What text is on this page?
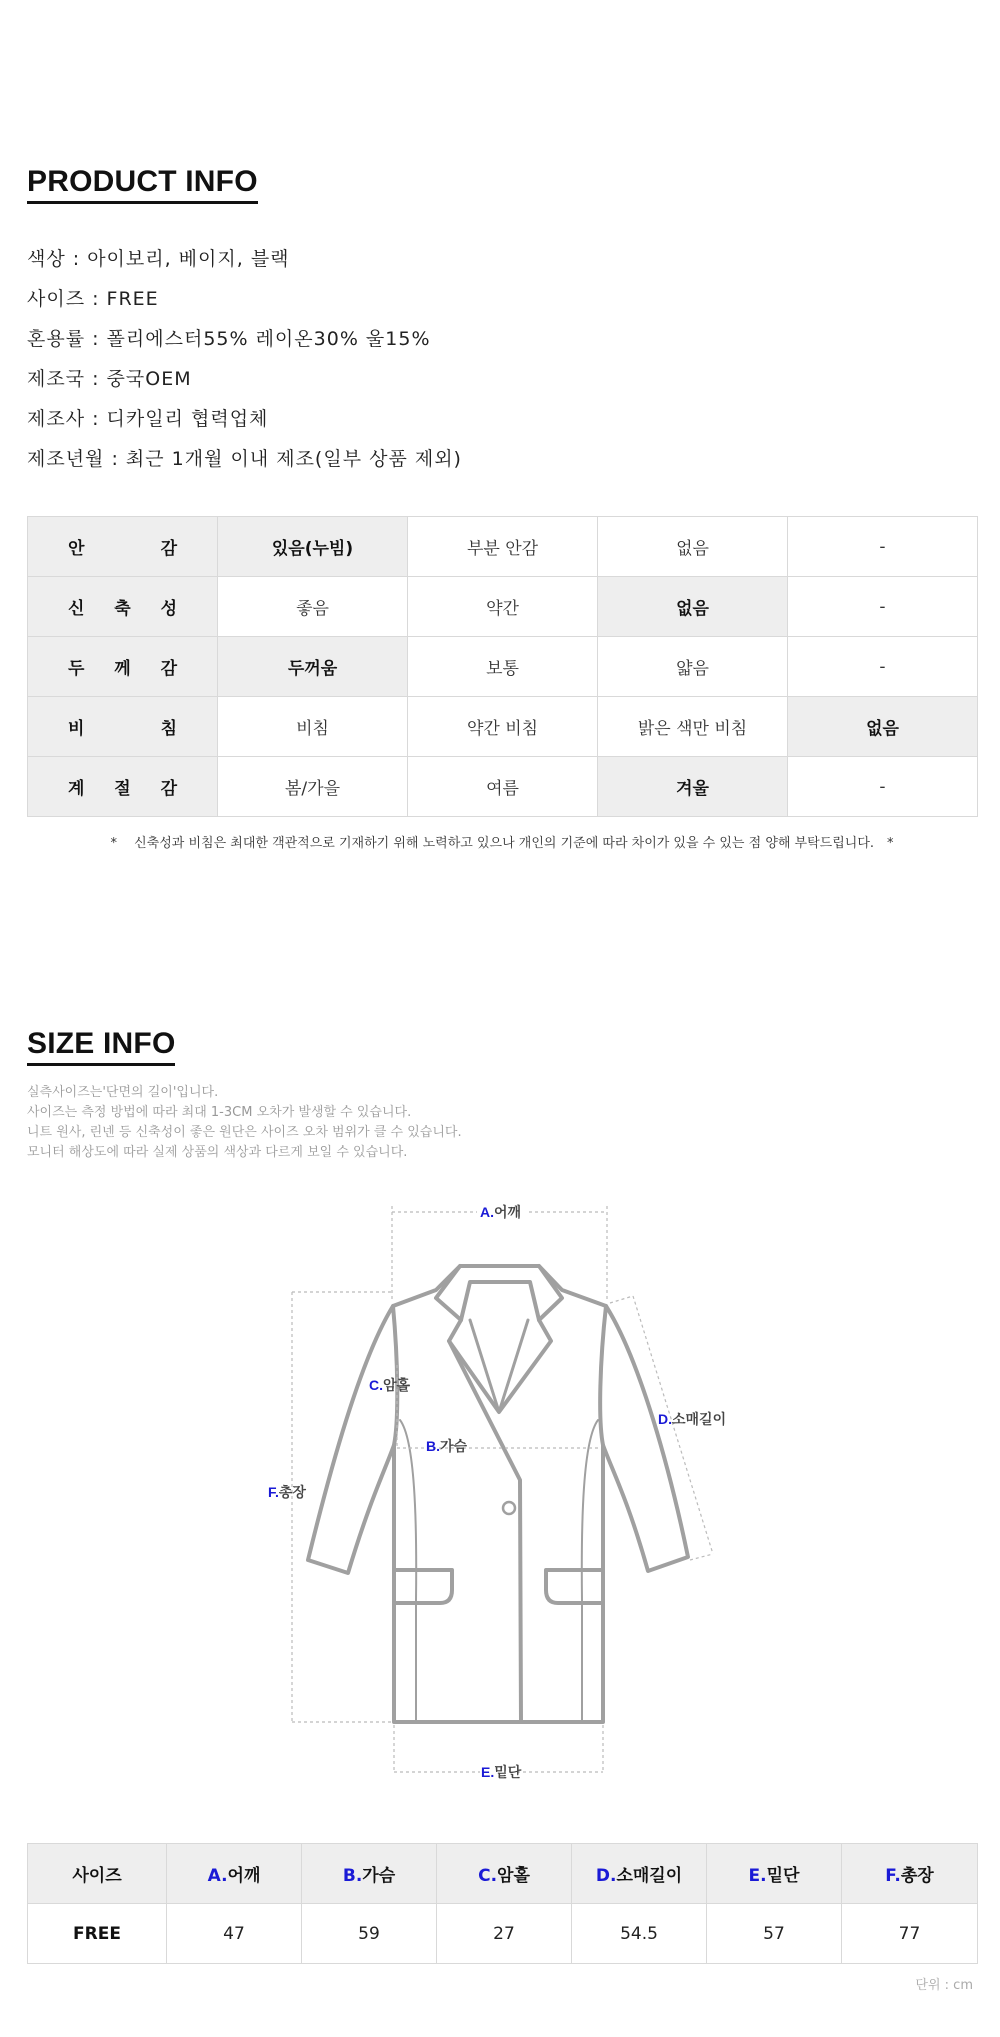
PRODUCT INFO
색상 : 아이보리, 베이지, 블랙
사이즈 : FREE
혼용률 : 폴리에스터55% 레이온30% 울15%
제조국 : 중국OEM
제조사 : 디카일리 협력업체
제조년월 : 최근 1개월 이내 제조(일부 상품 제외)
안 감	있음(누빔)	부분 안감	없음	-

신 축 성	좋음	약간	없음	-

두 께 감	두꺼움	보통	얇음	-

비 침	비침	약간 비침	밝은 색만 비침	없음

계 절 감	봄/가을	여름	겨울	-
*　 신축성과 비침은 최대한 객관적으로 기재하기 위해 노력하고 있으나 개인의 기준에 따라 차이가 있을 수 있는 점 양해 부탁드립니다.　*
SIZE INFO
실측사이즈는'단면의 길이'입니다.
사이즈는 측정 방법에 따라 최대 1-3CM 오차가 발생할 수 있습니다.
니트 원사, 린넨 등 신축성이 좋은 원단은 사이즈 오차 범위가 클 수 있습니다.
모니터 해상도에 따라 실제 상품의 색상과 다르게 보일 수 있습니다.
A.어깨
B.가슴
C.암홀
D.소매길이
E.밑단
F.총장
사이즈	A.어깨	B.가슴	C.암홀	D.소매길이	E.밑단	F.총장
FREE	47	59	27	54.5	57	77
단위 : cm
